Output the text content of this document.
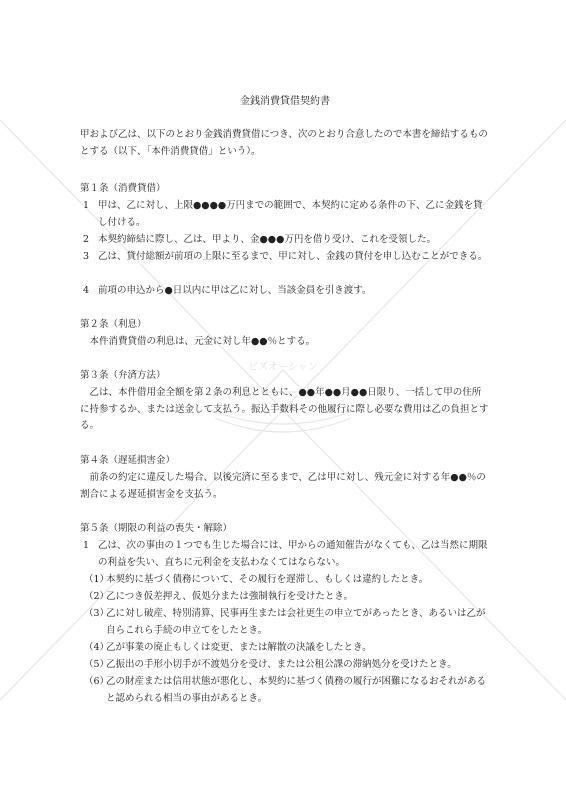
ビズオーシャン
金銭消費貸借契約書
甲および乙は、以下のとおり金銭消費貸借につき、次のとおり合意したので本書を締結するものとする（以下、「本件消費貸借」という）。
第１条（消費貸借）
1 甲は、乙に対し、上限●●●●万円までの範囲で、本契約に定める条件の下、乙に金銭を貸し付ける。
2 本契約締結に際し、乙は、甲より、金●●●万円を借り受け、これを受領した。
3 乙は、貸付総額が前項の上限に至るまで、甲に対し、金銭の貸付を申し込むことができる。
4 前項の申込から●日以内に甲は乙に対し、当該金員を引き渡す。
第２条（利息）
本件消費貸借の利息は、元金に対し年●●％とする。
第３条（弁済方法）
乙は、本件借用金全額を第２条の利息とともに、●●年●●月●●日限り、一括して甲の住所に持参するか、または送金して支払う。振込手数料その他履行に際し必要な費用は乙の負担とする。
第４条（遅延損害金）
前条の約定に違反した場合、以後完済に至るまで、乙は甲に対し、残元金に対する年●●％の割合による遅延損害金を支払う。
第５条（期限の利益の喪失・解除）
1 乙は、次の事由の１つでも生じた場合には、甲からの通知催告がなくても、乙は当然に期限の利益を失い、直ちに元利金を支払わなくてはならない。
（1）
本契約に基づく債務について、その履行を遅滞し、もしくは違約したとき。
（2）
乙につき仮差押え、仮処分または強制執行を受けたとき。
（3）
乙に対し破産、特別清算、民事再生または会社更生の申立てがあったとき、あるいは乙が自らこれら手続の申立てをしたとき。
（4）
乙が事業の廃止もしくは変更、または解散の決議をしたとき。
（5）
乙振出の手形小切手が不渡処分を受け、または公租公課の滞納処分を受けたとき。
（6）
乙の財産または信用状態が悪化し、本契約に基づく債務の履行が困難になるおそれがあると認められる相当の事由があるとき。
